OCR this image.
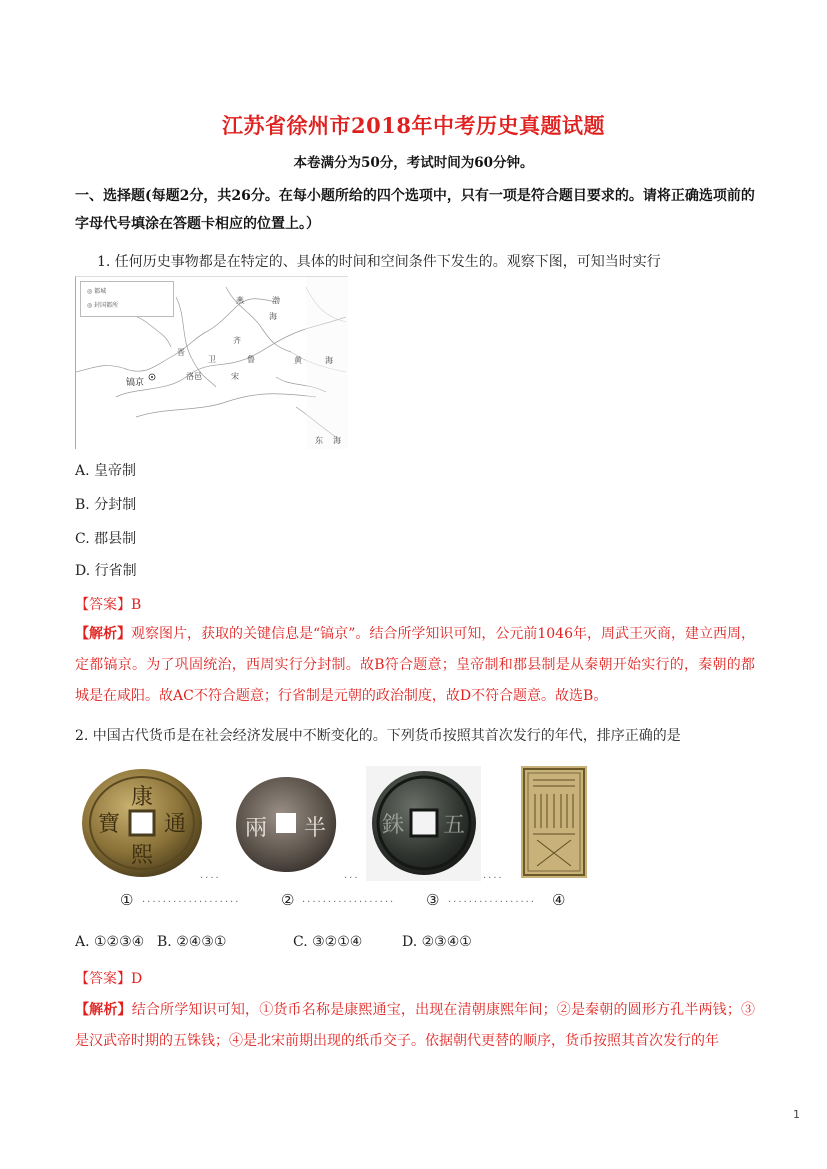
江苏省徐州市2018年中考历史真题试题
本卷满分为50分，考试时间为60分钟。
一、选择题(每题2分，共26分。在每小题所给的四个选项中，只有一项是符合题目要求的。请将正确选项前的字母代号填涂在答题卡相应的位置上。）
1. 任何历史事物都是在特定的、具体的时间和空间条件下发生的。观察下图，可知当时实行
燕	渤
海
齐
晋
卫	鲁	黄	海
洛邑	宋
镐京
东 海
◎ 都城
◎ 封国都所
A. 皇帝制
B. 分封制
C. 郡县制
D. 行省制
【答案】B
【解析】观察图片，获取的关键信息是“镐京”。结合所学知识可知，公元前1046年，周武王灭商，建立西周，定都镐京。为了巩固统治，西周实行分封制。故B符合题意；皇帝制和郡县制是从秦朝开始实行的，秦朝的都城是在咸阳。故AC不符合题意；行省制是元朝的政治制度，故D不符合题意。故选B。
2. 中国古代货币是在社会经济发展中不断变化的。下列货币按照其首次发行的年代，排序正确的是
康
熙
通
寶	半
兩	五
銖
....	...	....
① ...................	② .................. ③ ................. ④
A. ①②③④ B. ②④③①	C. ③②①④	D. ②③④①
【答案】D
【解析】结合所学知识可知，①货币名称是康熙通宝，出现在清朝康熙年间；②是秦朝的圆形方孔半两钱；③是汉武帝时期的五铢钱；④是北宋前期出现的纸币交子。依据朝代更替的顺序，货币按照其首次发行的年
1
